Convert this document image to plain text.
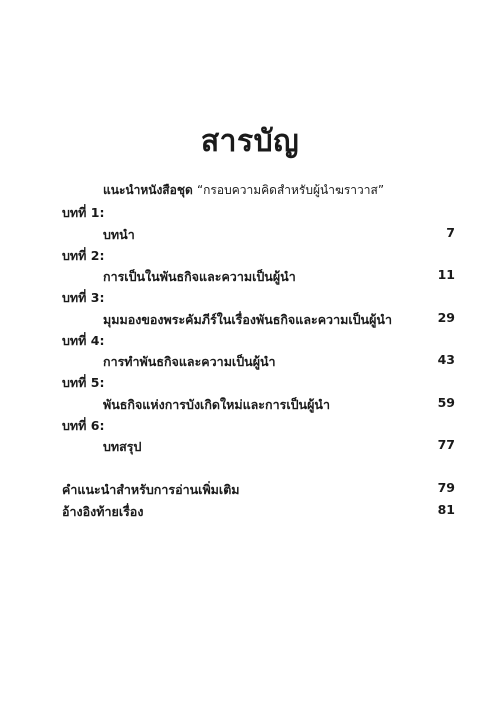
สารบัญ
แนะนำหนังสือชุด “กรอบความคิดสำหรับผู้นำฆราวาส”
บทที่ 1:
บทนำ	7
บทที่ 2:
การเป็นในพันธกิจและความเป็นผู้นำ	11
บทที่ 3:
มุมมองของพระคัมภีร์ในเรื่องพันธกิจและความเป็นผู้นำ	29
บทที่ 4:
การทำพันธกิจและความเป็นผู้นำ	43
บทที่ 5:
พันธกิจแห่งการบังเกิดใหม่และการเป็นผู้นำ	59
บทที่ 6:
บทสรุป	77
คำแนะนำสำหรับการอ่านเพิ่มเติม	79
อ้างอิงท้ายเรื่อง	81
